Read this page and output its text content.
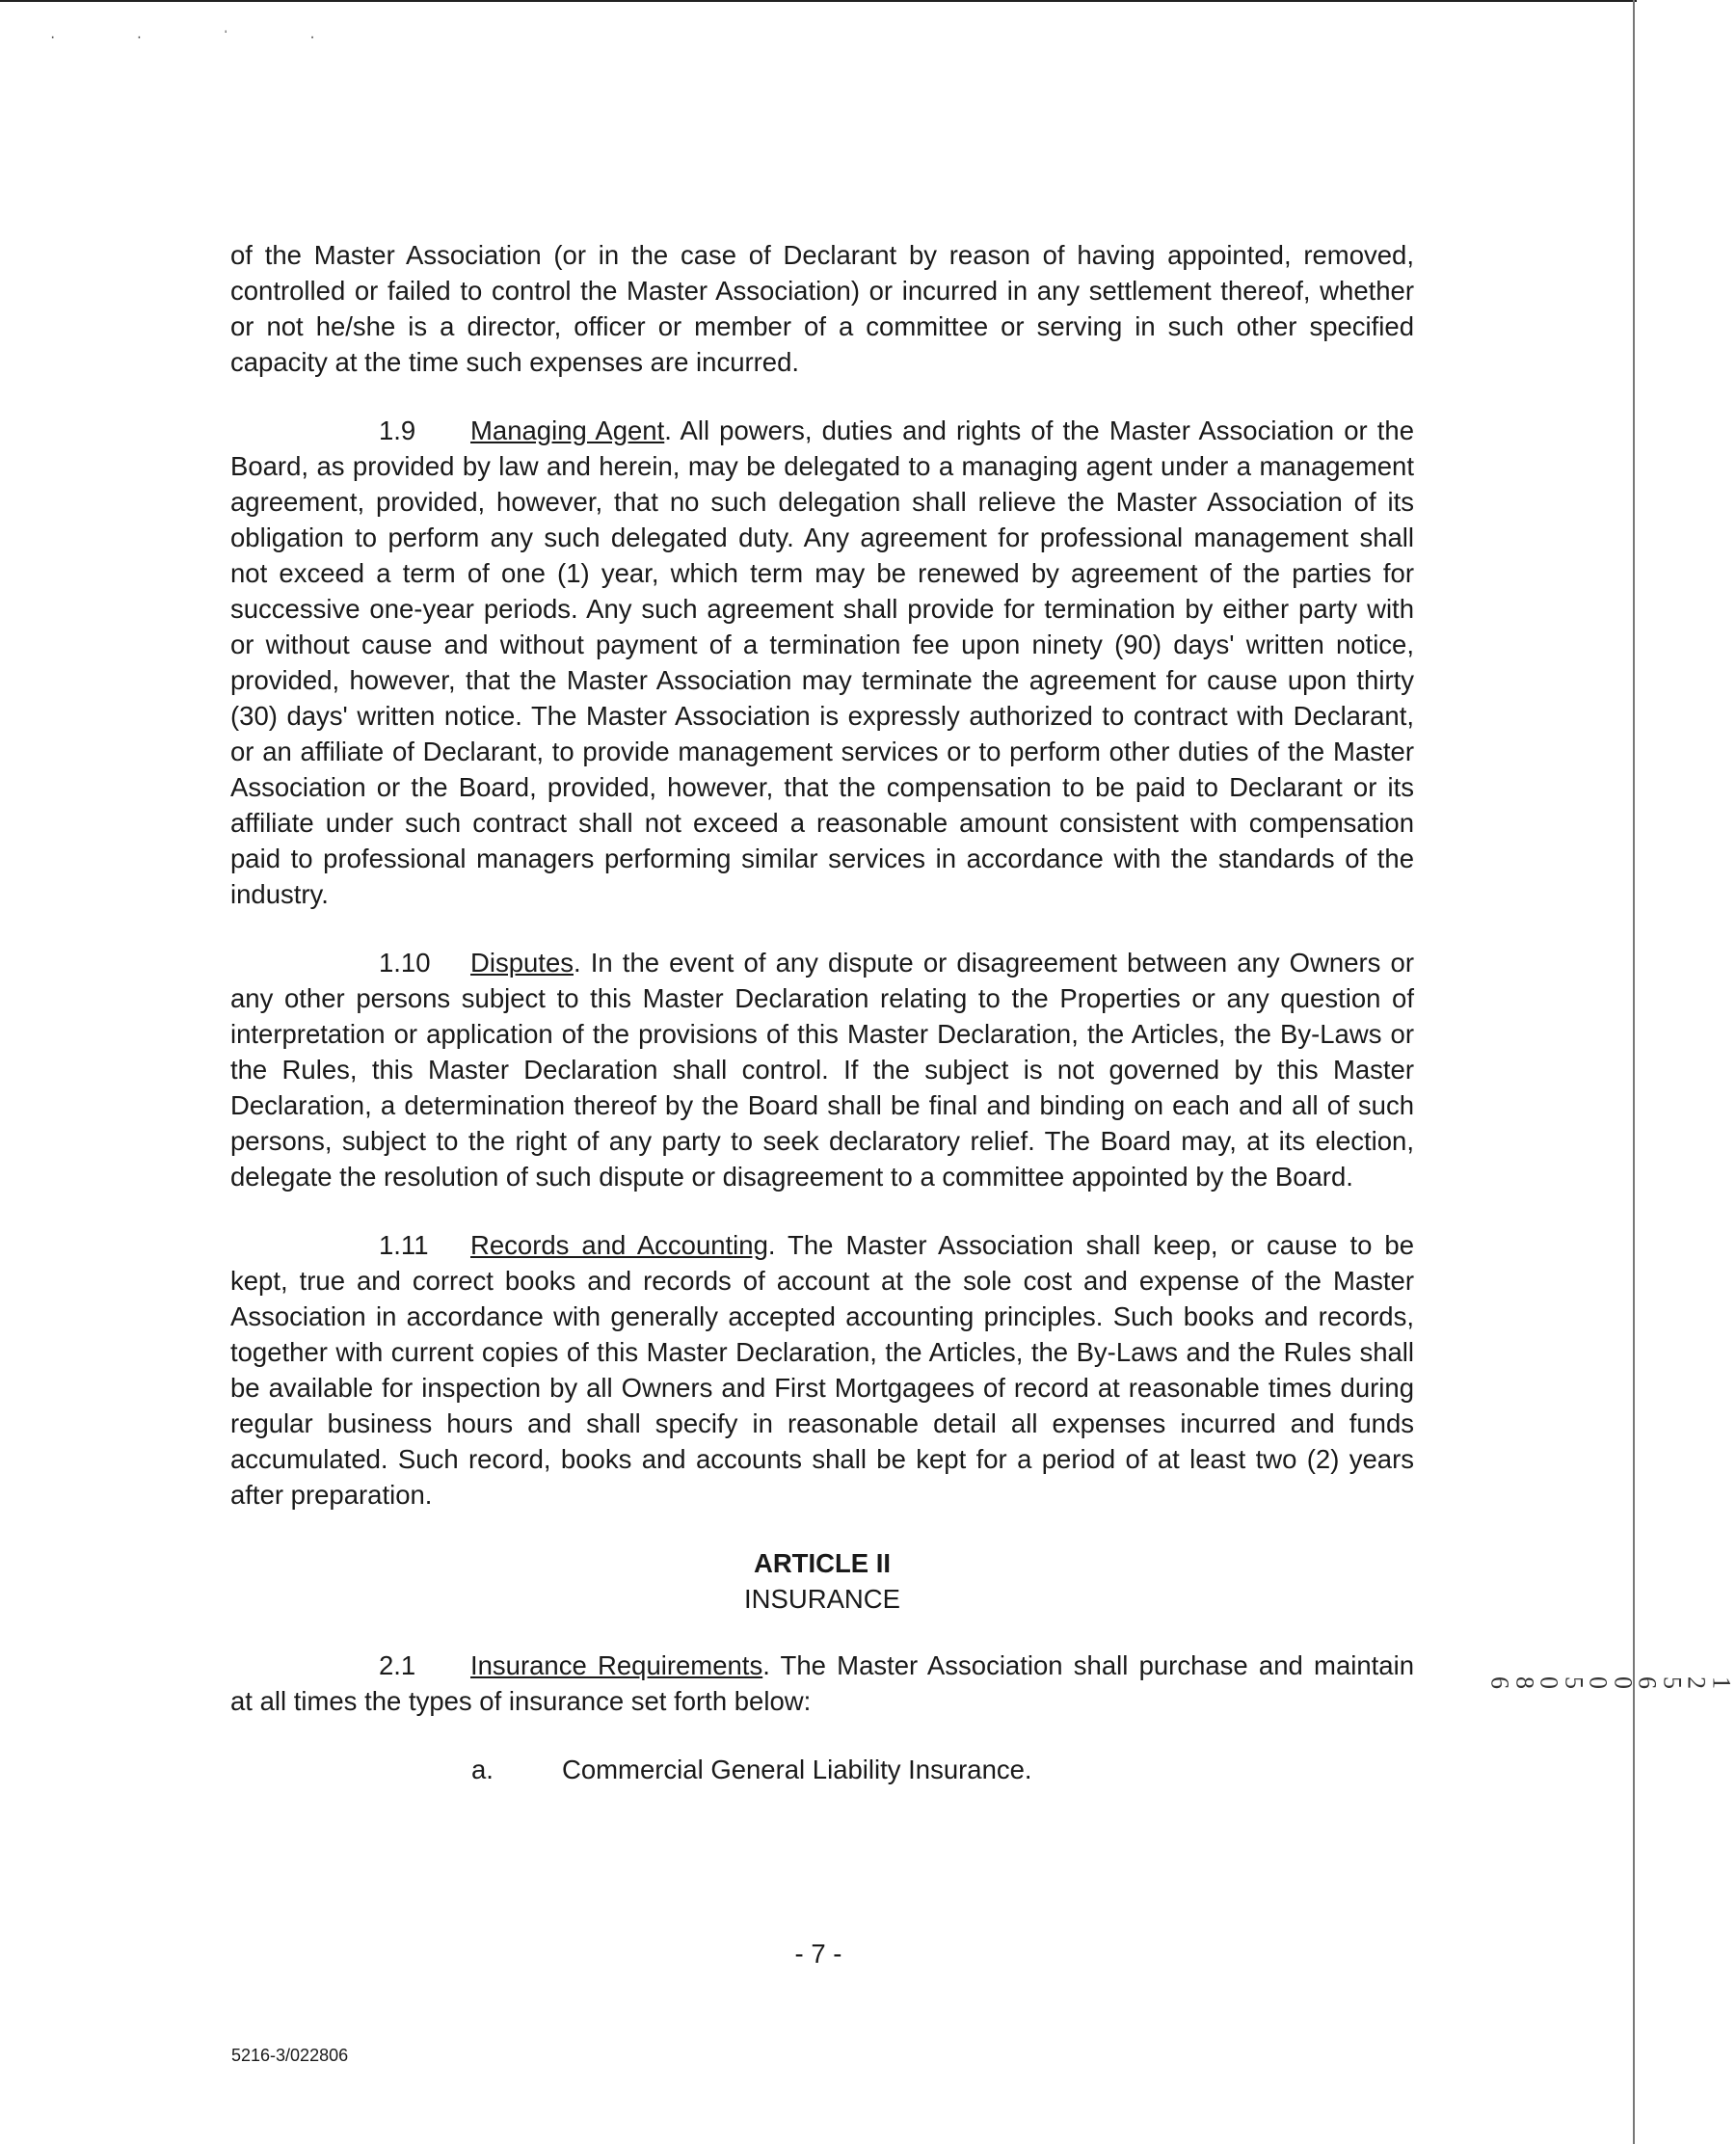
· · ˈ ·

of the Master Association (or in the case of Declarant by reason of having appointed, removed, controlled or failed to control the Master Association) or incurred in any settlement thereof, whether or not he/she is a director, officer or member of a committee or serving in such other specified capacity at the time such expenses are incurred.

1.9 Managing Agent. All powers, duties and rights of the Master Association or the Board, as provided by law and herein, may be delegated to a managing agent under a management agreement, provided, however, that no such delegation shall relieve the Master Association of its obligation to perform any such delegated duty. Any agreement for professional management shall not exceed a term of one (1) year, which term may be renewed by agreement of the parties for successive one-year periods. Any such agreement shall provide for termination by either party with or without cause and without payment of a termination fee upon ninety (90) days' written notice, provided, however, that the Master Association may terminate the agreement for cause upon thirty (30) days' written notice. The Master Association is expressly authorized to contract with Declarant, or an affiliate of Declarant, to provide management services or to perform other duties of the Master Association or the Board, provided, however, that the compensation to be paid to Declarant or its affiliate under such contract shall not exceed a reasonable amount consistent with compensation paid to professional managers performing similar services in accordance with the standards of the industry.

1.10 Disputes. In the event of any dispute or disagreement between any Owners or any other persons subject to this Master Declaration relating to the Properties or any question of interpretation or application of the provisions of this Master Declaration, the Articles, the By-Laws or the Rules, this Master Declaration shall control. If the subject is not governed by this Master Declaration, a determination thereof by the Board shall be final and binding on each and all of such persons, subject to the right of any party to seek declaratory relief. The Board may, at its election, delegate the resolution of such dispute or disagreement to a committee appointed by the Board.

1.11 Records and Accounting. The Master Association shall keep, or cause to be kept, true and correct books and records of account at the sole cost and expense of the Master Association in accordance with generally accepted accounting principles. Such books and records, together with current copies of this Master Declaration, the Articles, the By-Laws and the Rules shall be available for inspection by all Owners and First Mortgagees of record at reasonable times during regular business hours and shall specify in reasonable detail all expenses incurred and funds accumulated. Such record, books and accounts shall be kept for a period of at least two (2) years after preparation.

ARTICLE II
INSURANCE

2.1 Insurance Requirements. The Master Association shall purchase and maintain at all times the types of insurance set forth below:

a.	Commercial General Liability Insurance.
- 7 -
5216-3/022806
1 2 5 6 0 0 5 0 8 6
